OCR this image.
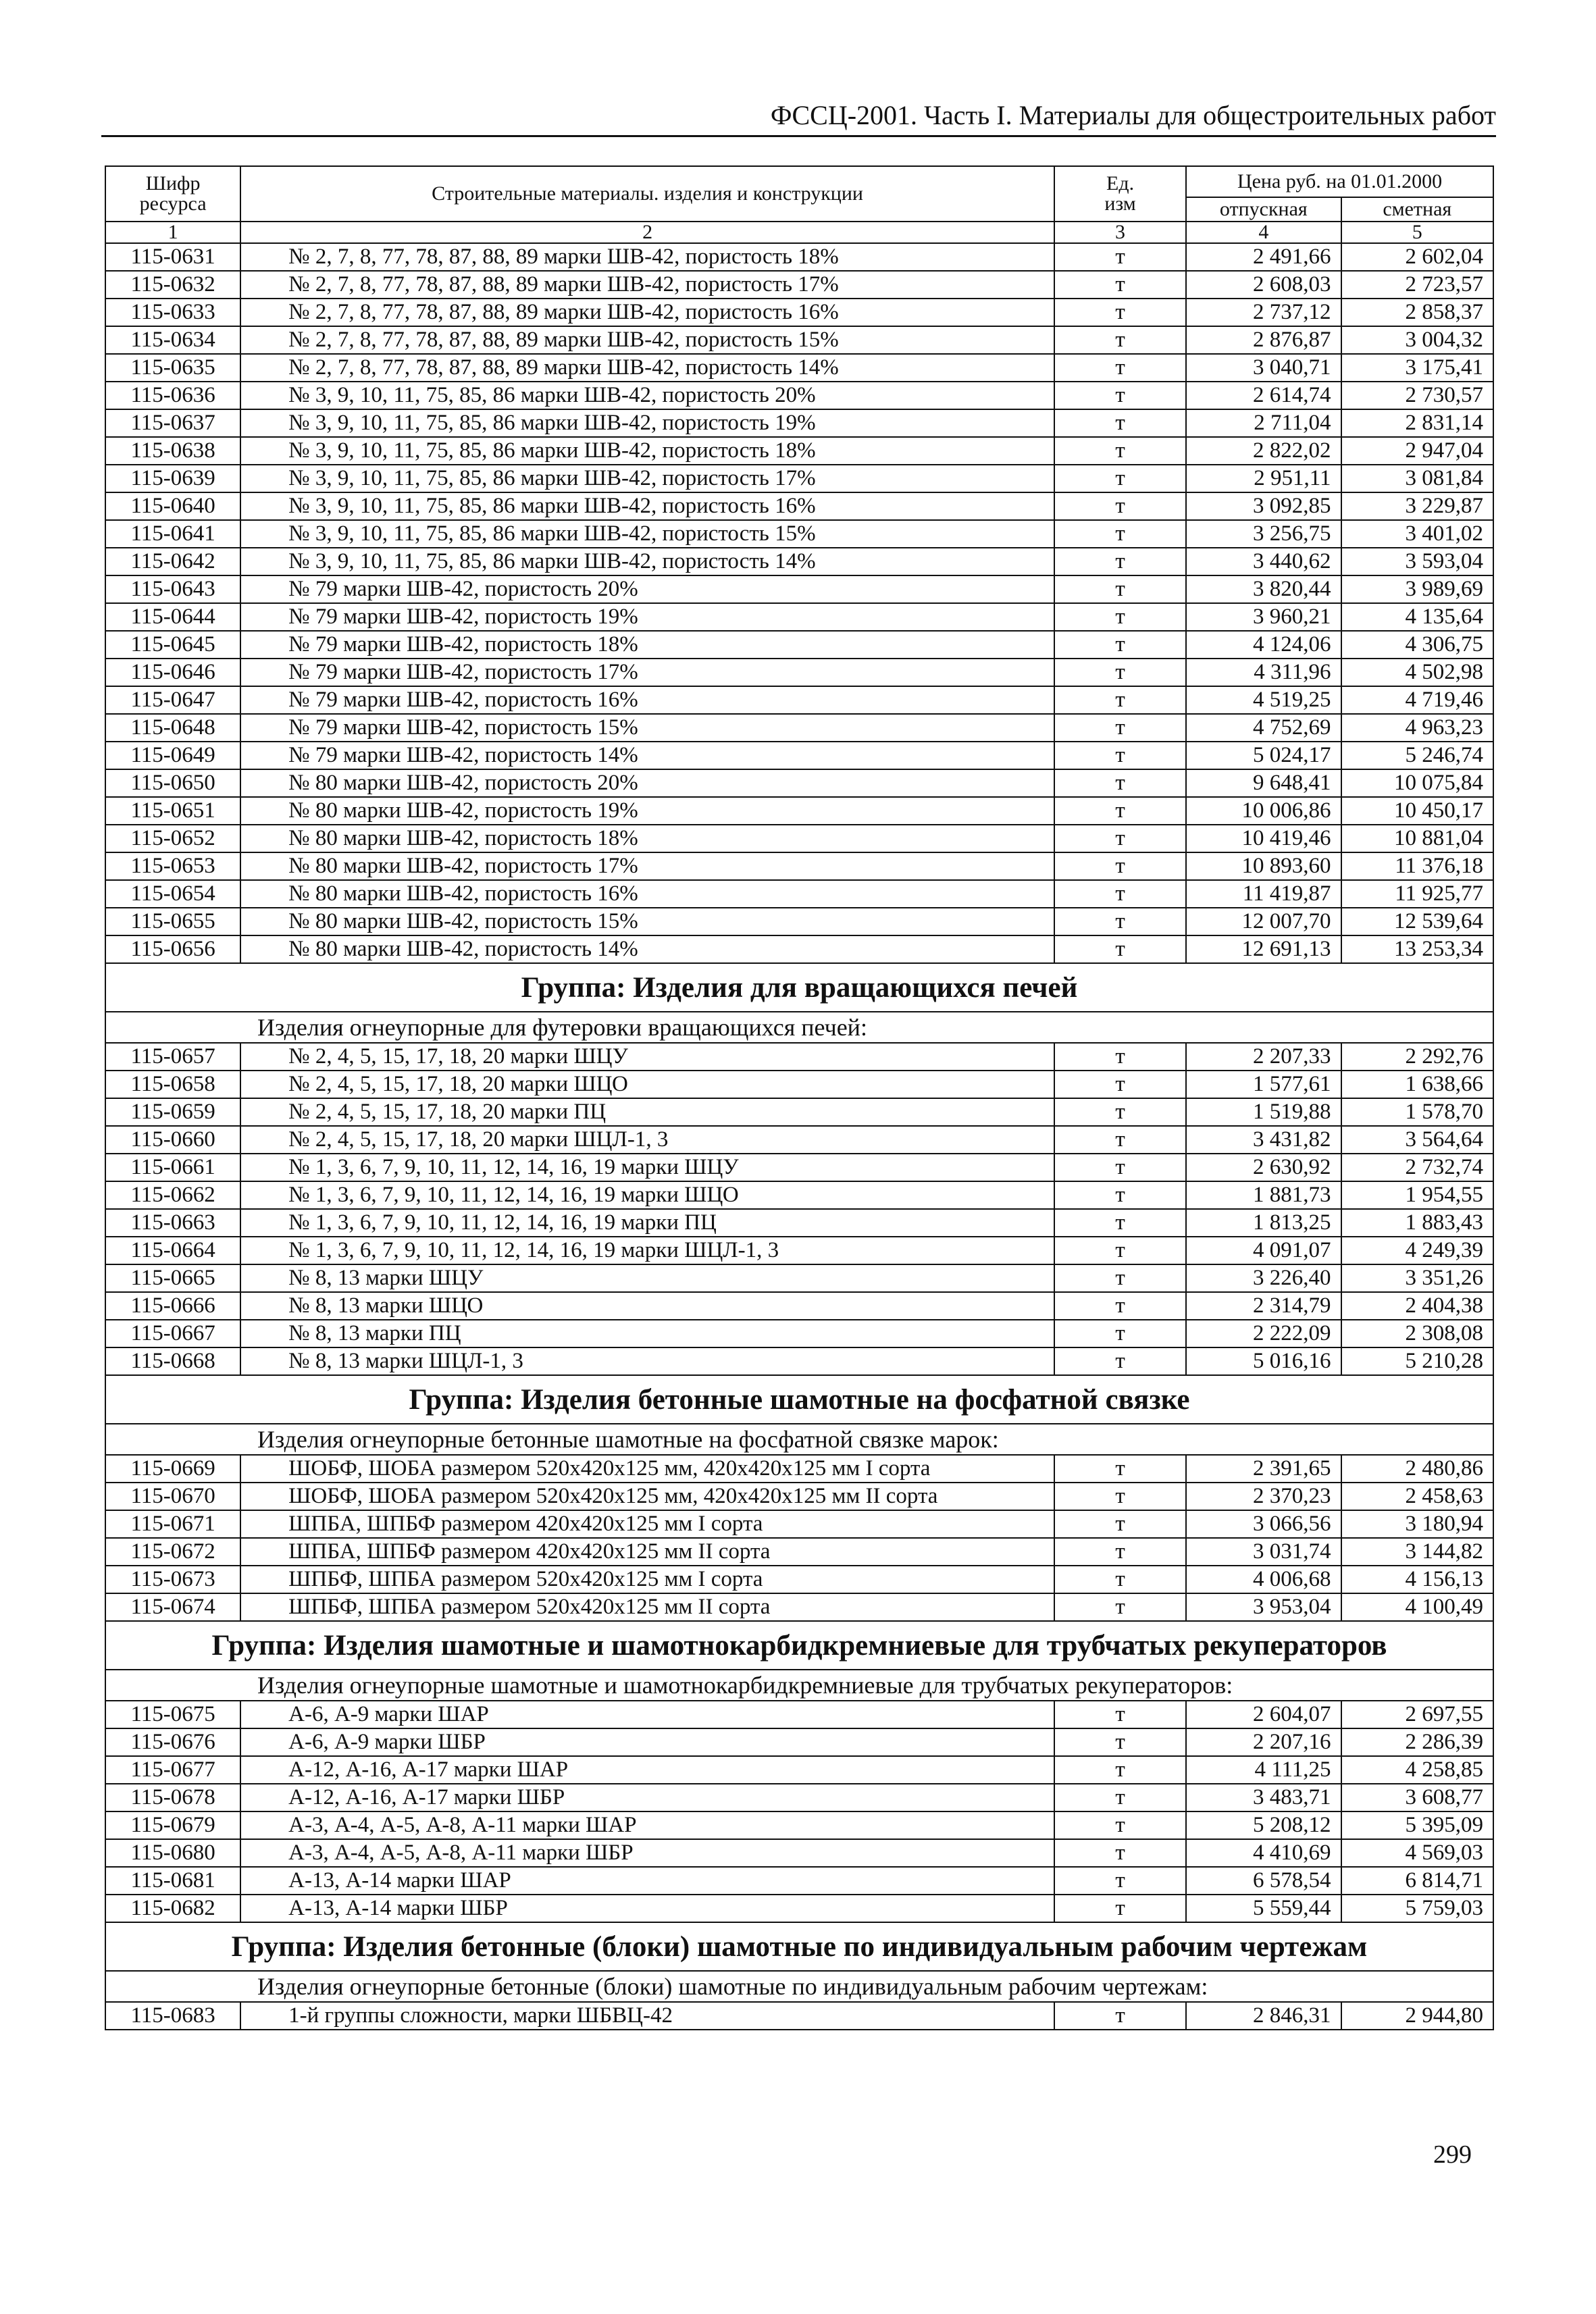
ФССЦ-2001. Часть I. Материалы для общестроительных работ
Шифр ресурса	Строительные материалы. изделия и конструкции	Ед. изм	Цена руб. на 01.01.2000	
			отпускная	сметная
1	2	3	4	5
115-0631	№ 2, 7, 8, 77, 78, 87, 88, 89 марки ШВ-42, пористость 18%	т	2 491,66	2 602,04
115-0632	№ 2, 7, 8, 77, 78, 87, 88, 89 марки ШВ-42, пористость 17%	т	2 608,03	2 723,57
115-0633	№ 2, 7, 8, 77, 78, 87, 88, 89 марки ШВ-42, пористость 16%	т	2 737,12	2 858,37
115-0634	№ 2, 7, 8, 77, 78, 87, 88, 89 марки ШВ-42, пористость 15%	т	2 876,87	3 004,32
115-0635	№ 2, 7, 8, 77, 78, 87, 88, 89 марки ШВ-42, пористость 14%	т	3 040,71	3 175,41
115-0636	№ 3, 9, 10, 11, 75, 85, 86 марки ШВ-42, пористость 20%	т	2 614,74	2 730,57
115-0637	№ 3, 9, 10, 11, 75, 85, 86 марки ШВ-42, пористость 19%	т	2 711,04	2 831,14
115-0638	№ 3, 9, 10, 11, 75, 85, 86 марки ШВ-42, пористость 18%	т	2 822,02	2 947,04
115-0639	№ 3, 9, 10, 11, 75, 85, 86 марки ШВ-42, пористость 17%	т	2 951,11	3 081,84
115-0640	№ 3, 9, 10, 11, 75, 85, 86 марки ШВ-42, пористость 16%	т	3 092,85	3 229,87
115-0641	№ 3, 9, 10, 11, 75, 85, 86 марки ШВ-42, пористость 15%	т	3 256,75	3 401,02
115-0642	№ 3, 9, 10, 11, 75, 85, 86 марки ШВ-42, пористость 14%	т	3 440,62	3 593,04
115-0643	№ 79 марки ШВ-42, пористость 20%	т	3 820,44	3 989,69
115-0644	№ 79 марки ШВ-42, пористость 19%	т	3 960,21	4 135,64
115-0645	№ 79 марки ШВ-42, пористость 18%	т	4 124,06	4 306,75
115-0646	№ 79 марки ШВ-42, пористость 17%	т	4 311,96	4 502,98
115-0647	№ 79 марки ШВ-42, пористость 16%	т	4 519,25	4 719,46
115-0648	№ 79 марки ШВ-42, пористость 15%	т	4 752,69	4 963,23
115-0649	№ 79 марки ШВ-42, пористость 14%	т	5 024,17	5 246,74
115-0650	№ 80 марки ШВ-42, пористость 20%	т	9 648,41	10 075,84
115-0651	№ 80 марки ШВ-42, пористость 19%	т	10 006,86	10 450,17
115-0652	№ 80 марки ШВ-42, пористость 18%	т	10 419,46	10 881,04
115-0653	№ 80 марки ШВ-42, пористость 17%	т	10 893,60	11 376,18
115-0654	№ 80 марки ШВ-42, пористость 16%	т	11 419,87	11 925,77
115-0655	№ 80 марки ШВ-42, пористость 15%	т	12 007,70	12 539,64
115-0656	№ 80 марки ШВ-42, пористость 14%	т	12 691,13	13 253,34
Группа: Изделия для вращающихся печей				
Изделия огнеупорные для футеровки вращающихся печей:				
115-0657	№ 2, 4, 5, 15, 17, 18, 20 марки ШЦУ	т	2 207,33	2 292,76
115-0658	№ 2, 4, 5, 15, 17, 18, 20 марки ШЦО	т	1 577,61	1 638,66
115-0659	№ 2, 4, 5, 15, 17, 18, 20 марки ПЦ	т	1 519,88	1 578,70
115-0660	№ 2, 4, 5, 15, 17, 18, 20 марки ШЦЛ-1, 3	т	3 431,82	3 564,64
115-0661	№ 1, 3, 6, 7, 9, 10, 11, 12, 14, 16, 19 марки ШЦУ	т	2 630,92	2 732,74
115-0662	№ 1, 3, 6, 7, 9, 10, 11, 12, 14, 16, 19 марки ШЦО	т	1 881,73	1 954,55
115-0663	№ 1, 3, 6, 7, 9, 10, 11, 12, 14, 16, 19 марки ПЦ	т	1 813,25	1 883,43
115-0664	№ 1, 3, 6, 7, 9, 10, 11, 12, 14, 16, 19 марки ШЦЛ-1, 3	т	4 091,07	4 249,39
115-0665	№ 8, 13 марки ШЦУ	т	3 226,40	3 351,26
115-0666	№ 8, 13 марки ШЦО	т	2 314,79	2 404,38
115-0667	№ 8, 13 марки ПЦ	т	2 222,09	2 308,08
115-0668	№ 8, 13 марки ШЦЛ-1, 3	т	5 016,16	5 210,28
Группа: Изделия бетонные шамотные на фосфатной связке				
Изделия огнеупорные бетонные шамотные на фосфатной связке марок:				
115-0669	ШОБФ, ШОБА размером 520х420х125 мм, 420х420х125 мм I сорта	т	2 391,65	2 480,86
115-0670	ШОБФ, ШОБА размером 520х420х125 мм, 420х420х125 мм II сорта	т	2 370,23	2 458,63
115-0671	ШПБА, ШПБФ размером 420х420х125 мм I сорта	т	3 066,56	3 180,94
115-0672	ШПБА, ШПБФ размером 420х420х125 мм II сорта	т	3 031,74	3 144,82
115-0673	ШПБФ, ШПБА размером 520х420х125 мм I сорта	т	4 006,68	4 156,13
115-0674	ШПБФ, ШПБА размером 520х420х125 мм II сорта	т	3 953,04	4 100,49
Группа: Изделия шамотные и шамотнокарбидкремниевые для трубчатых рекуператоров				
Изделия огнеупорные шамотные и шамотнокарбидкремниевые для трубчатых рекуператоров:				
115-0675	А-6, А-9 марки ШАР	т	2 604,07	2 697,55
115-0676	А-6, А-9 марки ШБР	т	2 207,16	2 286,39
115-0677	А-12, А-16, А-17 марки ШАР	т	4 111,25	4 258,85
115-0678	А-12, А-16, А-17 марки ШБР	т	3 483,71	3 608,77
115-0679	А-3, А-4, А-5, А-8, А-11 марки ШАР	т	5 208,12	5 395,09
115-0680	А-3, А-4, А-5, А-8, А-11 марки ШБР	т	4 410,69	4 569,03
115-0681	А-13, А-14 марки ШАР	т	6 578,54	6 814,71
115-0682	А-13, А-14 марки ШБР	т	5 559,44	5 759,03
Группа: Изделия бетонные (блоки) шамотные по индивидуальным рабочим чертежам				
Изделия огнеупорные бетонные (блоки) шамотные по индивидуальным рабочим чертежам:				
115-0683	1-й группы сложности, марки ШБВЦ-42	т	2 846,31	2 944,80
299
